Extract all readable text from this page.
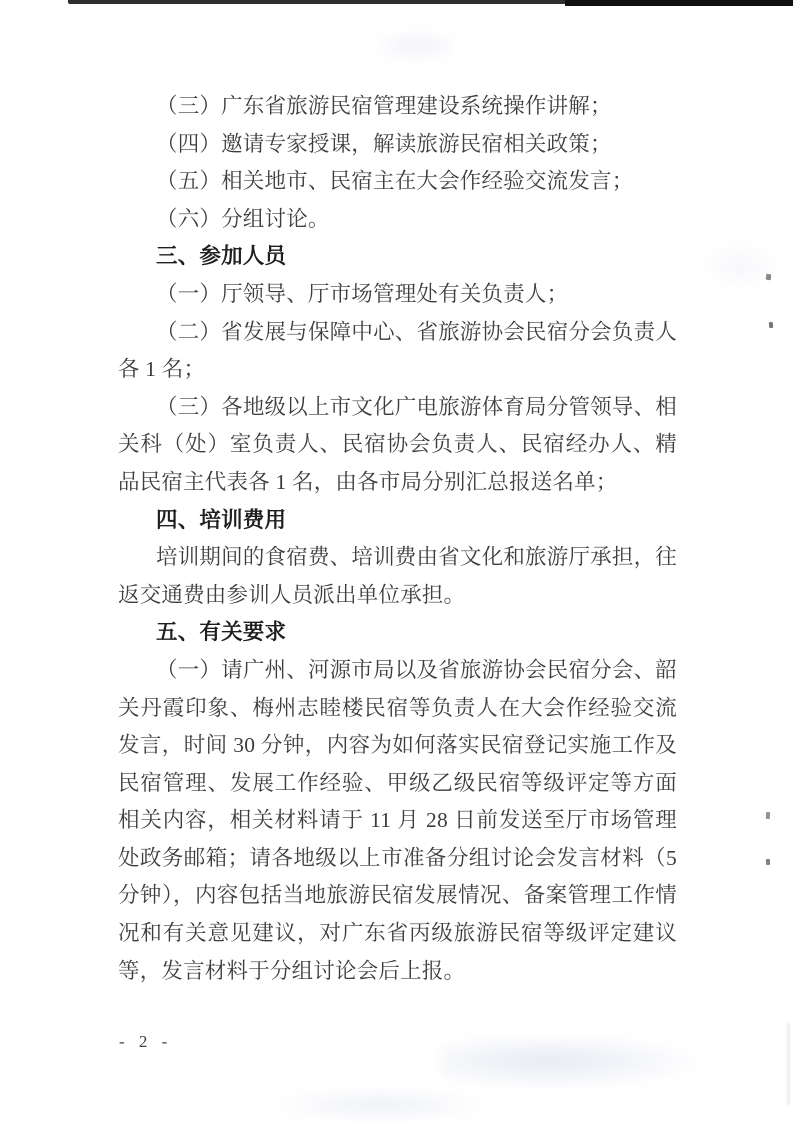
（三）广东省旅游民宿管理建设系统操作讲解；

（四）邀请专家授课，解读旅游民宿相关政策；

（五）相关地市、民宿主在大会作经验交流发言；

（六）分组讨论。

三、参加人员

（一）厅领导、厅市场管理处有关负责人；

（二）省发展与保障中心、省旅游协会民宿分会负责人各 1 名；

（三）各地级以上市文化广电旅游体育局分管领导、相关科（处）室负责人、民宿协会负责人、民宿经办人、精品民宿主代表各 1 名，由各市局分别汇总报送名单；

四、培训费用

培训期间的食宿费、培训费由省文化和旅游厅承担，往返交通费由参训人员派出单位承担。

五、有关要求

（一）请广州、河源市局以及省旅游协会民宿分会、韶关丹霞印象、梅州志睦楼民宿等负责人在大会作经验交流发言，时间 30 分钟，内容为如何落实民宿登记实施工作及民宿管理、发展工作经验、甲级乙级民宿等级评定等方面相关内容，相关材料请于 11 月 28 日前发送至厅市场管理处政务邮箱；请各地级以上市准备分组讨论会发言材料（5 分钟），内容包括当地旅游民宿发展情况、备案管理工作情况和有关意见建议，对广东省丙级旅游民宿等级评定建议等，发言材料于分组讨论会后上报。

- 2 -
